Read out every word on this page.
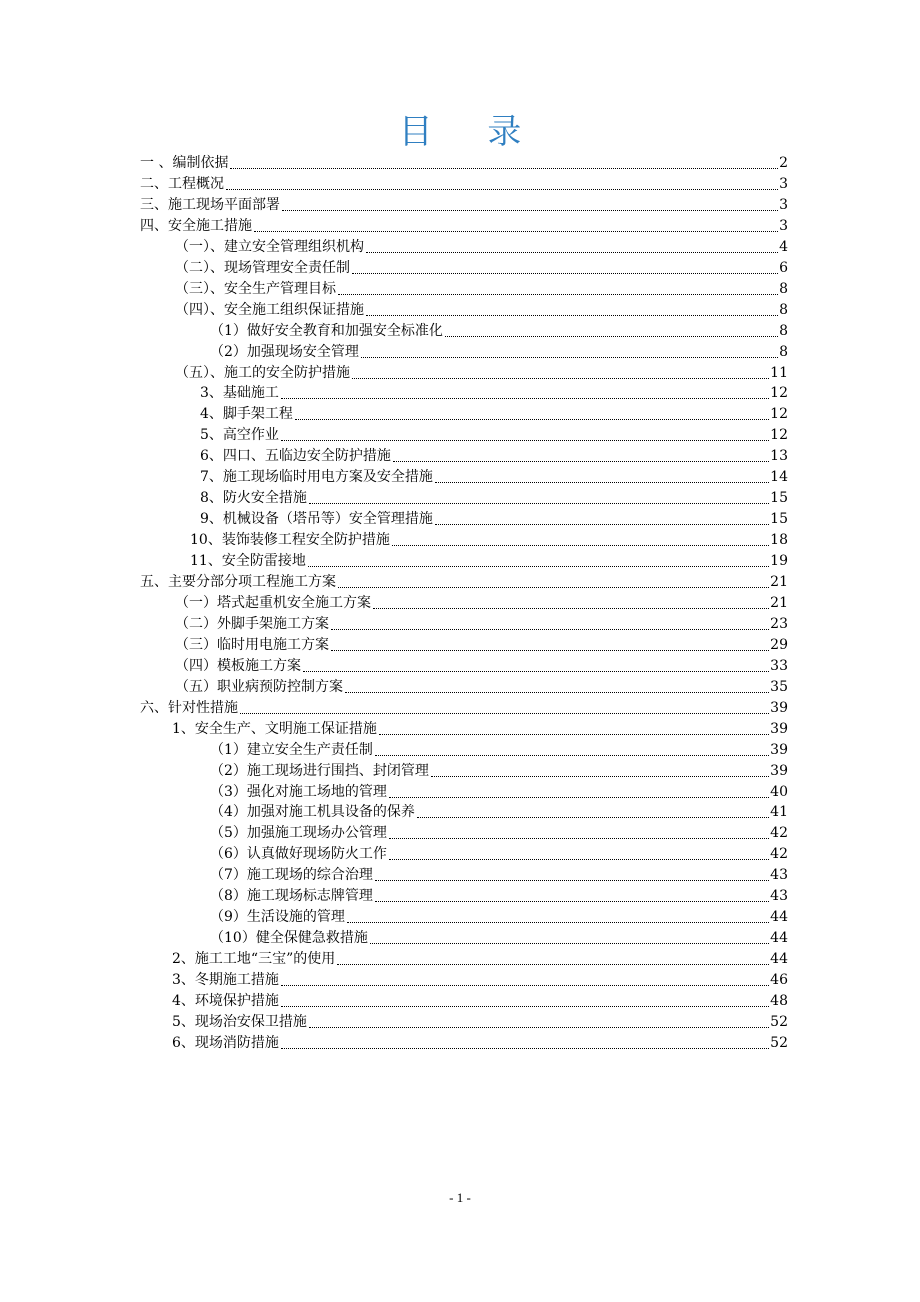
目 录
一 、编制依据	2
二、工程概况	3
三、施工现场平面部署	3
四、安全施工措施	3
（一）、建立安全管理组织机构	4
（二）、现场管理安全责任制	6
（三）、安全生产管理目标	8
（四）、安全施工组织保证措施	8
（1）做好安全教育和加强安全标准化	8
（2）加强现场安全管理	8
（五）、施工的安全防护措施	11
3、基础施工	12
4、脚手架工程	12
5、高空作业	12
6、四口、五临边安全防护措施	13
7、施工现场临时用电方案及安全措施	14
8、防火安全措施	15
9、机械设备（塔吊等）安全管理措施	15
10、装饰装修工程安全防护措施	18
11、安全防雷接地	19
五、主要分部分项工程施工方案	21
（一）塔式起重机安全施工方案	21
（二）外脚手架施工方案	23
（三）临时用电施工方案	29
（四）模板施工方案	33
（五）职业病预防控制方案	35
六、针对性措施	39
1、安全生产、文明施工保证措施	39
（1）建立安全生产责任制	39
（2）施工现场进行围挡、封闭管理	39
（3）强化对施工场地的管理	40
（4）加强对施工机具设备的保养	41
（5）加强施工现场办公管理	42
（6）认真做好现场防火工作	42
（7）施工现场的综合治理	43
（8）施工现场标志牌管理	43
（9）生活设施的管理	44
（10）健全保健急救措施	44
2、施工工地“三宝”的使用	44
3、冬期施工措施	46
4、环境保护措施	48
5、现场治安保卫措施	52
6、现场消防措施	52
- 1 -
